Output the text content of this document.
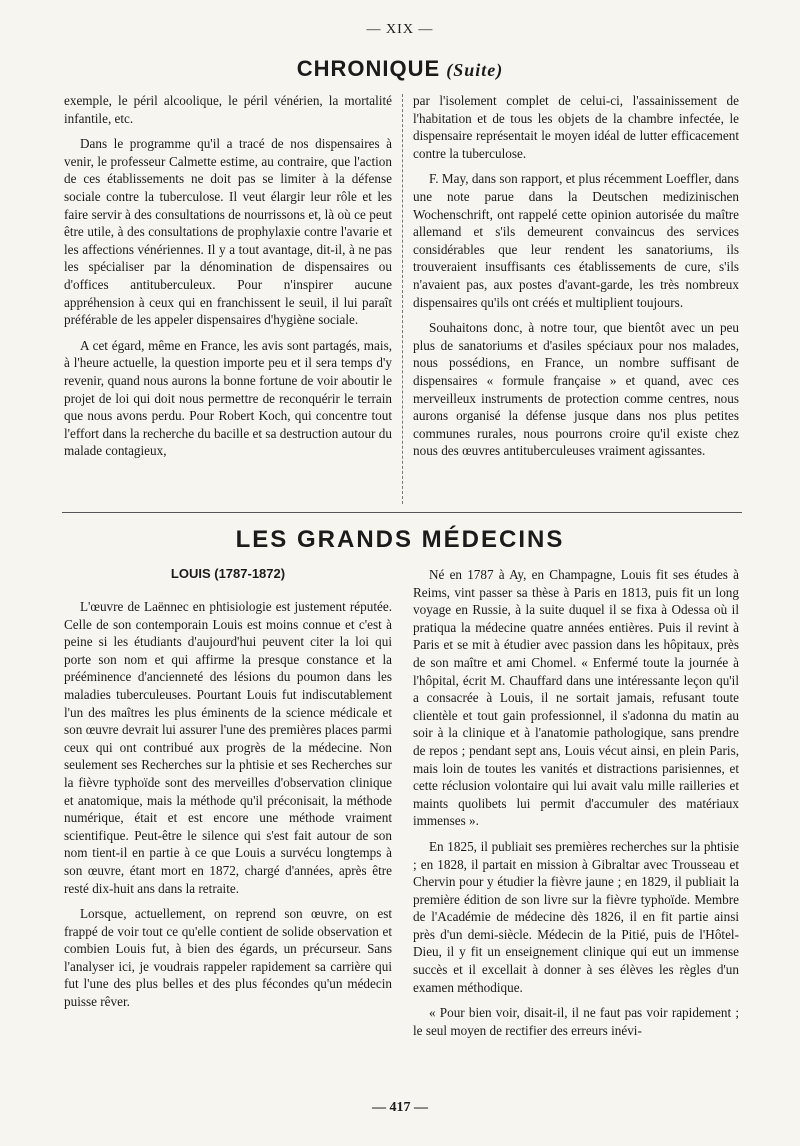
— XIX —
CHRONIQUE (Suite)

exemple, le péril alcoolique, le péril vénérien, la mortalité infantile, etc.

Dans le programme qu'il a tracé de nos dispensaires à venir, le professeur Calmette estime, au contraire, que l'action de ces établissements ne doit pas se limiter à la défense sociale contre la tuberculose. Il veut élargir leur rôle et les faire servir à des consultations de nourrissons et, là où ce peut être utile, à des consultations de prophylaxie contre l'avarie et les affections vénériennes. Il y a tout avantage, dit-il, à ne pas les spécialiser par la dénomination de dispensaires ou d'offices antituberculeux. Pour n'inspirer aucune appréhension à ceux qui en franchissent le seuil, il lui paraît préférable de les appeler dispensaires d'hygiène sociale.

A cet égard, même en France, les avis sont partagés, mais, à l'heure actuelle, la question importe peu et il sera temps d'y revenir, quand nous aurons la bonne fortune de voir aboutir le projet de loi qui doit nous permettre de reconquérir le terrain que nous avons perdu. Pour Robert Koch, qui concentre tout l'effort dans la recherche du bacille et sa destruction autour du malade contagieux,

par l'isolement complet de celui-ci, l'assainissement de l'habitation et de tous les objets de la chambre infectée, le dispensaire représentait le moyen idéal de lutter efficacement contre la tuberculose.

F. May, dans son rapport, et plus récemment Loeffler, dans une note parue dans la Deutschen medizinischen Wochenschrift, ont rappelé cette opinion autorisée du maître allemand et s'ils demeurent convaincus des services considérables que leur rendent les sanatoriums, ils trouveraient insuffisants ces établissements de cure, s'ils n'avaient pas, aux postes d'avant-garde, les très nombreux dispensaires qu'ils ont créés et multiplient toujours.

Souhaitons donc, à notre tour, que bientôt avec un peu plus de sanatoriums et d'asiles spéciaux pour nos malades, nous possédions, en France, un nombre suffisant de dispensaires « formule française » et quand, avec ces merveilleux instruments de protection comme centres, nous aurons organisé la défense jusque dans nos plus petites communes rurales, nous pourrons croire qu'il existe chez nous des œuvres antituberculeuses vraiment agissantes.

LES GRANDS MÉDECINS
LOUIS (1787-1872)

L'œuvre de Laënnec en phtisiologie est justement réputée. Celle de son contemporain Louis est moins connue et c'est à peine si les étudiants d'aujourd'hui peuvent citer la loi qui porte son nom et qui affirme la presque constance et la prééminence d'ancienneté des lésions du poumon dans les maladies tuberculeuses. Pourtant Louis fut indiscutablement l'un des maîtres les plus éminents de la science médicale et son œuvre devrait lui assurer l'une des premières places parmi ceux qui ont contribué aux progrès de la médecine. Non seulement ses Recherches sur la phtisie et ses Recherches sur la fièvre typhoïde sont des merveilles d'observation clinique et anatomique, mais la méthode qu'il préconisait, la méthode numérique, était et est encore une méthode vraiment scientifique. Peut-être le silence qui s'est fait autour de son nom tient-il en partie à ce que Louis a survécu longtemps à son œuvre, étant mort en 1872, chargé d'années, après être resté dix-huit ans dans la retraite.

Lorsque, actuellement, on reprend son œuvre, on est frappé de voir tout ce qu'elle contient de solide observation et combien Louis fut, à bien des égards, un précurseur. Sans l'analyser ici, je voudrais rappeler rapidement sa carrière qui fut l'une des plus belles et des plus fécondes qu'un médecin puisse rêver.

Né en 1787 à Ay, en Champagne, Louis fit ses études à Reims, vint passer sa thèse à Paris en 1813, puis fit un long voyage en Russie, à la suite duquel il se fixa à Odessa où il pratiqua la médecine quatre années entières. Puis il revint à Paris et se mit à étudier avec passion dans les hôpitaux, près de son maître et ami Chomel. « Enfermé toute la journée à l'hôpital, écrit M. Chauffard dans une intéressante leçon qu'il a consacrée à Louis, il ne sortait jamais, refusant toute clientèle et tout gain professionnel, il s'adonna du matin au soir à la clinique et à l'anatomie pathologique, sans prendre de repos ; pendant sept ans, Louis vécut ainsi, en plein Paris, mais loin de toutes les vanités et distractions parisiennes, et cette réclusion volontaire qui lui avait valu mille railleries et maints quolibets lui permit d'accumuler des matériaux immenses ».

En 1825, il publiait ses premières recherches sur la phtisie ; en 1828, il partait en mission à Gibraltar avec Trousseau et Chervin pour y étudier la fièvre jaune ; en 1829, il publiait la première édition de son livre sur la fièvre typhoïde. Membre de l'Académie de médecine dès 1826, il en fit partie ainsi près d'un demi-siècle. Médecin de la Pitié, puis de l'Hôtel-Dieu, il y fit un enseignement clinique qui eut un immense succès et il excellait à donner à ses élèves les règles d'un examen méthodique.

« Pour bien voir, disait-il, il ne faut pas voir rapidement ; le seul moyen de rectifier des erreurs inévi-

— 417 —
